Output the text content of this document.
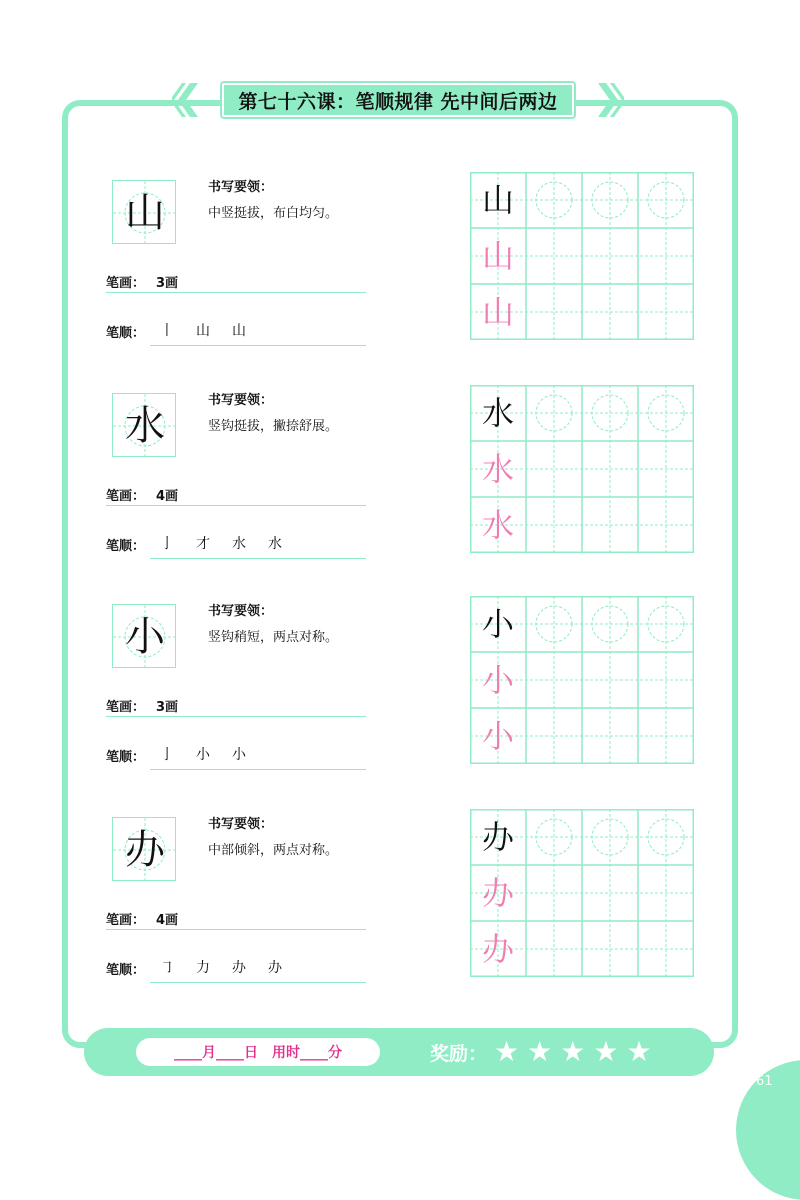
第七十六课：笔顺规律 先中间后两边
山
书写要领：
中竖挺拔，布白均匀。
笔画： 3画
笔顺： 丨 山 山
山
山
山
水
书写要领：
竖钩挺拔，撇捺舒展。
笔画： 4画
笔顺： 亅 才 水 水
水
水
水
小
书写要领：
竖钩稍短，两点对称。
笔画： 3画
笔顺： 亅 小 小
小
小
小
办
书写要领：
中部倾斜，两点对称。
笔画： 4画
笔顺： ㇆ 力 办 办
办
办
办
____月____日　用时____分	奖励： ★ ★ ★ ★ ★
61
